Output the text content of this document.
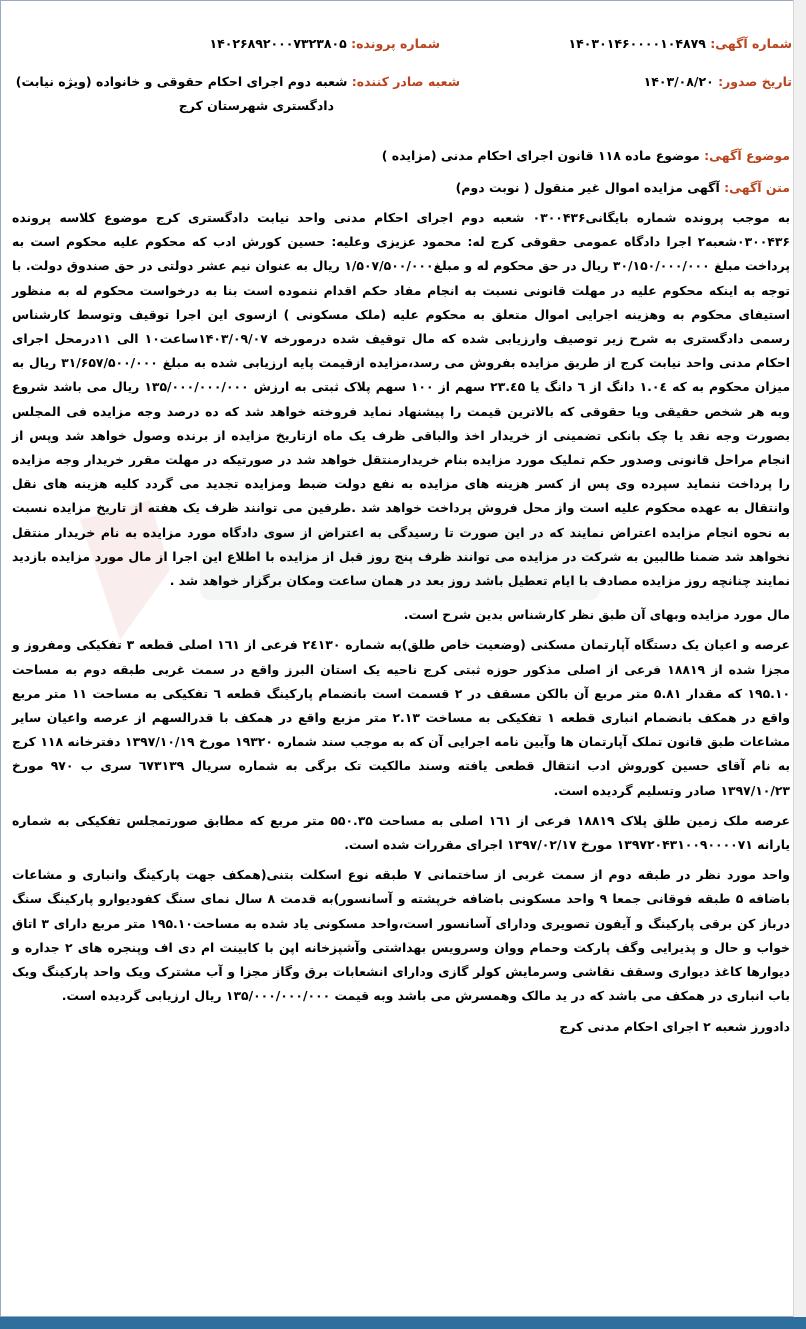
شماره آگهی: ۱۴۰۳۰۱۴۶۰۰۰۰۱۰۴۸۷۹
شماره پرونده: ۱۴۰۲۶۸۹۲۰۰۰۷۳۲۳۸۰۵
تاریخ صدور: ۱۴۰۳/۰۸/۲۰
شعبه صادر کننده: شعبه دوم اجرای احکام حقوقی و خانواده (ویژه نیابت)
دادگستری شهرستان کرج
موضوع آگهی: موضوع ماده ۱۱۸ قانون اجرای احکام مدنی (مزایده )
متن آگهی: آگهی مزایده اموال غیر منقول ( نوبت دوم)

به موجب پرونده شماره بایگانی۰۳۰۰۴۳۶ شعبه دوم اجرای احکام مدنی واحد نیابت دادگستری کرج موضوع کلاسه پرونده ۰۳۰۰۴۳۶شعبه۲ اجرا دادگاه عمومی حقوقی کرج له: محمود عزیزی وعلیه: حسین کورش ادب که محکوم علیه محکوم است به پرداخت مبلغ ۳۰/۱۵۰/۰۰۰/۰۰۰ ریال در حق محکوم له و مبلغ۱/۵۰۷/۵۰۰/۰۰۰ ریال به عنوان نیم عشر دولتی در حق صندوق دولت. با توجه به اینکه محکوم علیه در مهلت قانونی نسبت به انجام مفاد حکم اقدام ننموده است بنا به درخواست محکوم له به منظور استیفای محکوم به وهزینه اجرایی اموال متعلق به محکوم علیه (ملک مسکونی ) ازسوی این اجرا توقیف وتوسط کارشناس رسمی دادگستری به شرح زیر توصیف وارزیابی شده که مال توقیف شده درمورخه ۱۴۰۳/۰۹/۰۷ساعت۱۰ الی ۱۱درمحل اجرای احکام مدنی واحد نیابت کرج از طریق مزایده بفروش می رسد،مزایده ازقیمت پایه ارزیابی شده به مبلغ ۳۱/۶۵۷/۵۰۰/۰۰۰ ریال به میزان محکوم به که ۱.۰٤ دانگ از ٦ دانگ یا ۲۳.٤۵ سهم از ۱۰۰ سهم پلاک ثبتی به ارزش ۱۳۵/۰۰۰/۰۰۰/۰۰۰ ریال می باشد شروع وبه هر شخص حقیقی ویا حقوقی که بالاترین قیمت را پیشنهاد نماید فروخته خواهد شد که ده درصد وجه مزایده فی المجلس بصورت وجه نقد یا چک بانکی تضمینی از خریدار اخذ والباقی ظرف یک ماه ازتاریخ مزایده از برنده وصول خواهد شد وپس از انجام مراحل قانونی وصدور حکم تملیک مورد مزایده بنام خریدارمنتقل خواهد شد در صورتیکه در مهلت مقرر خریدار وجه مزایده را پرداخت ننماید سپرده وی پس از کسر هزینه های مزایده به نفع دولت ضبط ومزایده تجدید می گردد کلیه هزینه های نقل وانتقال به عهده محکوم علیه است واز محل فروش پرداخت خواهد شد .طرفین می توانند ظرف یک هفته از تاریخ مزایده نسبت به نحوه انجام مزایده اعتراض نمایند که در این صورت تا رسیدگی به اعتراض از سوی دادگاه مورد مزایده به نام خریدار منتقل نخواهد شد ضمنا طالبین به شرکت در مزایده می توانند ظرف پنج روز قبل از مزایده با اطلاع این اجرا از مال مورد مزایده بازدید نمایند چنانچه روز مزایده مصادف با ایام تعطیل باشد روز بعد در همان ساعت ومکان برگزار خواهد شد .

مال مورد مزایده وبهای آن طبق نظر کارشناس بدین شرح است.

عرصه و اعیان یک دستگاه آپارتمان مسکنی (وضعیت خاص طلق)به شماره ۲٤۱۳۰ فرعی از ۱٦۱ اصلی قطعه ۳ تفکیکی ومفروز و مجزا شده از ۱۸۸۱۹ فرعی از اصلی مذکور حوزه ثبتی کرج ناحیه یک استان البرز واقع در سمت غربی طبقه دوم به مساحت ۱۹۵.۱۰ که مقدار ۵.۸۱ متر مربع آن بالکن مسقف در ۲ قسمت است بانضمام پارکینگ قطعه ٦ تفکیکی به مساحت ۱۱ متر مربع واقع در همکف بانضمام انباری قطعه ۱ تفکیکی به مساخت ۲.۱۳ متر مزبع واقع در همکف با قدرالسهم از عرصه واعیان سایر مشاعات طبق قانون تملک آپارتمان ها وآیین نامه اجرایی آن که به موجب سند شماره ۱۹۳۲۰ مورخ ۱۳۹۷/۱۰/۱۹ دفترخانه ۱۱۸ کرج به نام آقای حسین کوروش ادب انتقال قطعی یافته وسند مالکیت تک برگی به شماره سریال ٦۷۳۱۳۹ سری ب ۹۷۰ مورخ ۱۳۹۷/۱۰/۲۳ صادر وتسلیم گردیده است.

عرصه ملک زمین طلق پلاک ۱۸۸۱۹ فرعی از ۱٦۱ اصلی به مساحت ۵۵۰.۳۵ متر مربع که مطابق صورتمجلس تفکیکی به شماره یارانه ۱۳۹۷۲۰۴۳۱۰۰۹۰۰۰۰۷۱ مورخ ۱۳۹۷/۰۲/۱۷ اجرای مقررات شده است.

واحد مورد نظر در طبقه دوم از سمت غربی از ساختمانی ۷ طبقه نوع اسکلت بتنی(همکف جهت پارکینگ وانباری و مشاعات باضافه ۵ طبقه فوقانی جمعا ۹ واحد مسکونی باضافه خرپشته و آسانسور)به قدمت ۸ سال نمای سنگ کفودیوارو پارکینگ سنگ درباز کن برقی پارکینگ و آیفون تصویری ودارای آسانسور است،واحد مسکونی یاد شده به مساحت۱۹۵.۱۰ متر مربع دارای ۳ اتاق خواب و حال و پذیرایی وگف پارکت وحمام ووان وسرویس بهداشتی وآشپزخانه اپن با کابینت ام دی اف وپنجره های ۲ جداره و دیوارها کاغذ دیواری وسقف نقاشی وسرمایش کولر گازی ودارای انشعابات برق وگاز مجزا و آب مشترک ویک واحد پارکینگ ویک باب انباری در همکف می باشد که در ید مالک وهمسرش می باشد وبه قیمت ۱۳۵/۰۰۰/۰۰۰/۰۰۰ ریال ارزیابی گردیده است.

دادورز شعبه ۲ اجرای احکام مدنی کرج
